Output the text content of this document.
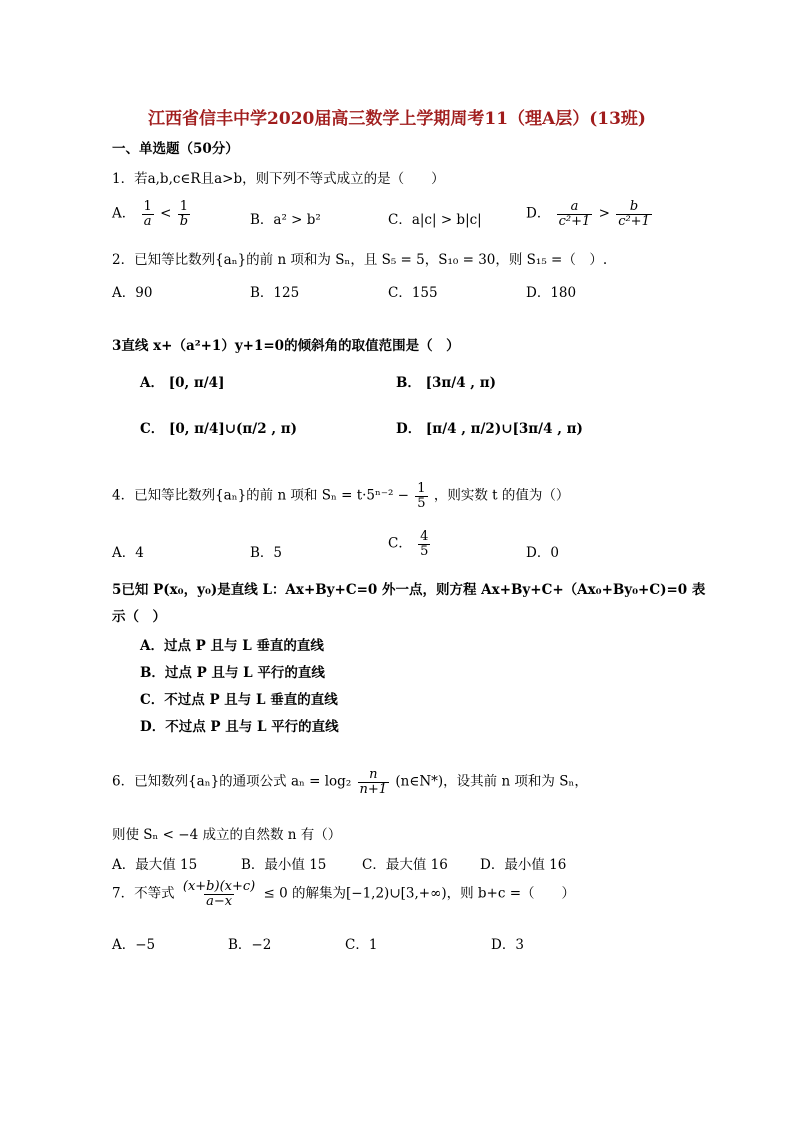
江西省信丰中学2020届高三数学上学期周考11（理A层）(13班)
一、单选题（50分）
1．若a,b,c∈R且a>b，则下列不等式成立的是（　　）
A． $\frac{1}{a} < \frac{1}{b}$	B．a² > b²	C．a|c| > b|c|	D． $\frac{a}{\text{c²+1}} > \frac{b}{\text{c²+1}}$
2．已知等比数列{aₙ}的前 n 项和为 Sₙ，且 S₅ = 5，S₁₀ = 30，则 S₁₅ =（　）.
A．90	B．125	C．155	D．180
3直线 x+（a²+1）y+1=0的倾斜角的取值范围是（　）
A． [0, π/4]	B． [3π/4 , π)
C． [0, π/4]∪(π/2 , π)	D． [π/4 , π/2)∪[3π/4 , π)
4．已知等比数列{aₙ}的前 n 项和 $S_n = t\cdot 5^{n-2} - \frac{1}{5}$ ，则实数 t 的值为（）
A．4	B．5
C． $\frac{4}{5}$	D．0
5已知 P(x₀，y₀)是直线 L：Ax+By+C=0 外一点，则方程 Ax+By+C+（Ax₀+By₀+C)=0 表
示（　）
A．过点 P 且与 L 垂直的直线
B．过点 P 且与 L 平行的直线
C．不过点 P 且与 L 垂直的直线
D．不过点 P 且与 L 平行的直线
6．已知数列{aₙ}的通项公式 $a_n = \log_2 \frac{n}{n+1}$ (n∈N*)，设其前 n 项和为 Sₙ，
则使 Sₙ < −4 成立的自然数 n 有（）
A．最大值 15	B．最小值 15	C．最大值 16 D．最小值 16
7．不等式 $\frac{(x+b)(x+c)}{a-x} \le 0$ 的解集为[−1,2)∪[3,+∞)，则 b+c =（　　）
A．−5	B．−2	C．1	D．3
